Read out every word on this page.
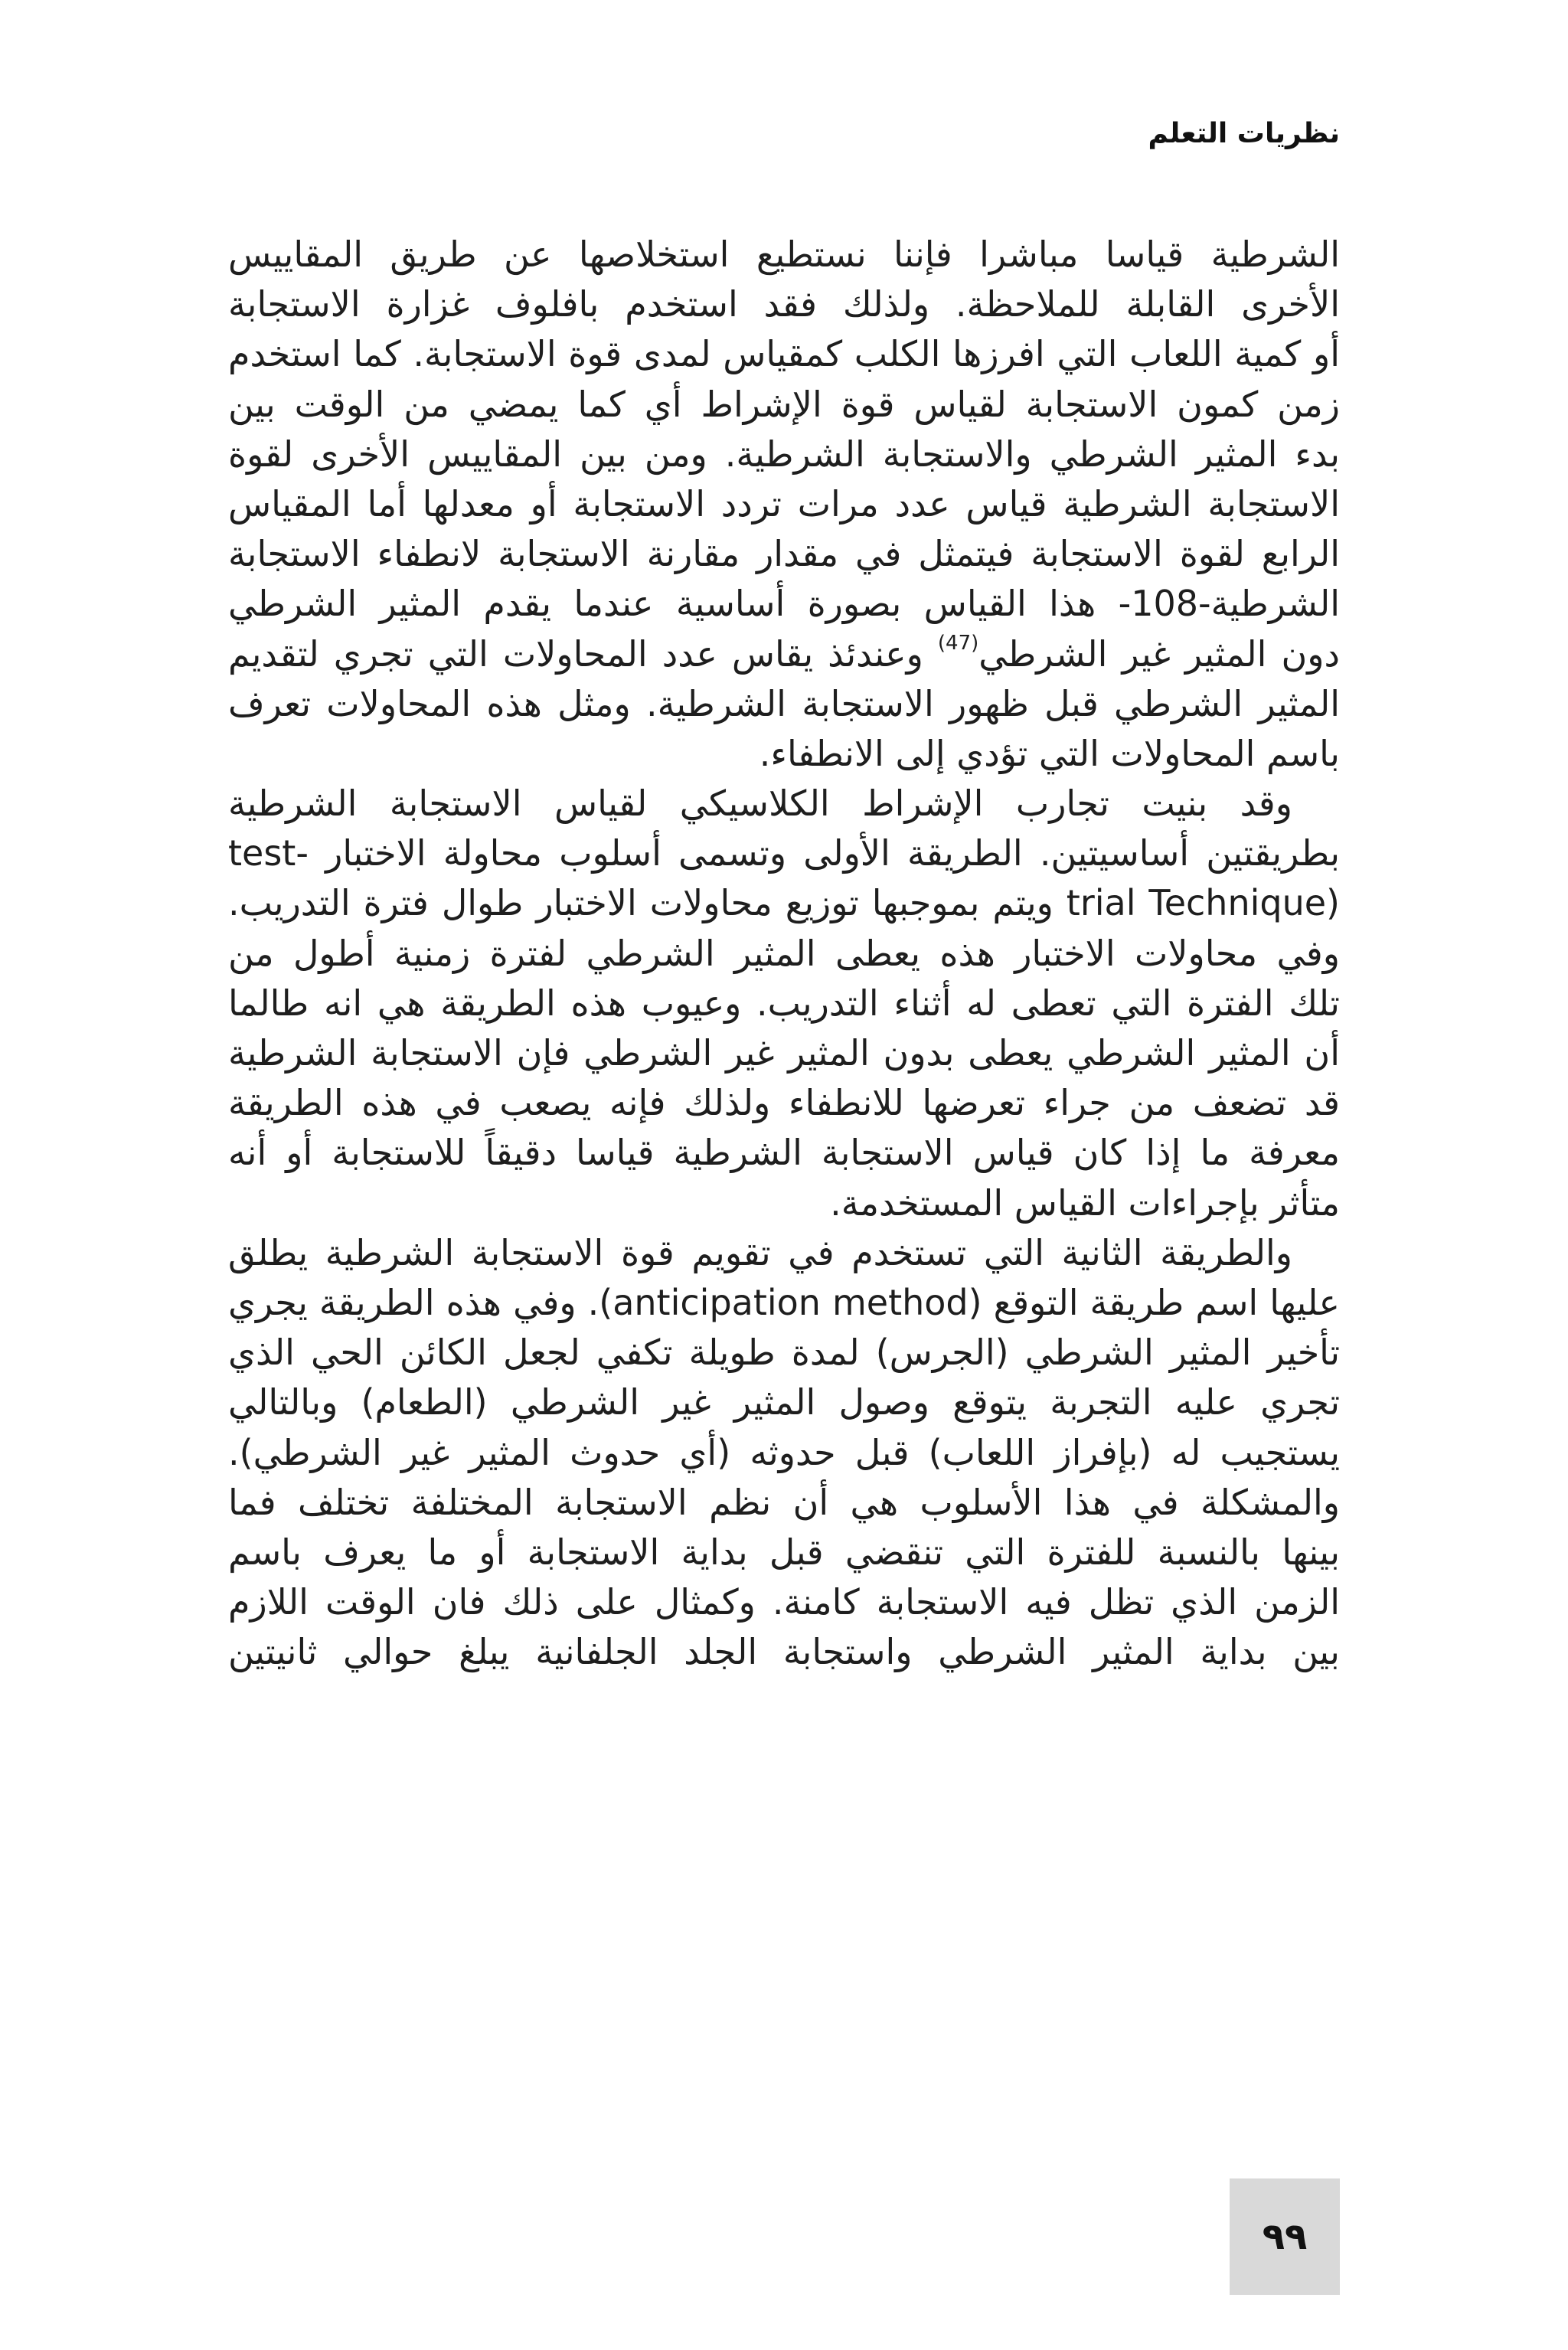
نظريات التعلم
الشرطية قياسا مباشرا فإننا نستطيع استخلاصها عن طريق المقاييس
الأخرى القابلة للملاحظة. ولذلك فقد استخدم بافلوف غزارة الاستجابة
أو كمية اللعاب التي افرزها الكلب كمقياس لمدى قوة الاستجابة. كما استخدم
زمن كمون الاستجابة لقياس قوة الإشراط أي كما يمضي من الوقت بين
بدء المثير الشرطي والاستجابة الشرطية. ومن بين المقاييس الأخرى لقوة
الاستجابة الشرطية قياس عدد مرات تردد الاستجابة أو معدلها أما المقياس
الرابع لقوة الاستجابة فيتمثل في مقدار مقارنة الاستجابة لانطفاء الاستجابة
الشرطية-108- هذا القياس بصورة أساسية عندما يقدم المثير الشرطي
دون المثير غير الشرطي$^{(47)}$ وعندئذ يقاس عدد المحاولات التي تجري لتقديم
المثير الشرطي قبل ظهور الاستجابة الشرطية. ومثل هذه المحاولات تعرف
باسم المحاولات التي تؤدي إلى الانطفاء.
وقد بنيت تجارب الإشراط الكلاسيكي لقياس الاستجابة الشرطية
بطريقتين أساسيتين. الطريقة الأولى وتسمى أسلوب محاولة الاختبار -test
(trial Technique ويتم بموجبها توزيع محاولات الاختبار طوال فترة التدريب.
وفي محاولات الاختبار هذه يعطى المثير الشرطي لفترة زمنية أطول من
تلك الفترة التي تعطى له أثناء التدريب. وعيوب هذه الطريقة هي انه طالما
أن المثير الشرطي يعطى بدون المثير غير الشرطي فإن الاستجابة الشرطية
قد تضعف من جراء تعرضها للانطفاء ولذلك فإنه يصعب في هذه الطريقة
معرفة ما إذا كان قياس الاستجابة الشرطية قياسا دقيقاً للاستجابة أو أنه
متأثر بإجراءات القياس المستخدمة.
والطريقة الثانية التي تستخدم في تقويم قوة الاستجابة الشرطية يطلق
عليها اسم طريقة التوقع (anticipation method). وفي هذه الطريقة يجري
تأخير المثير الشرطي (الجرس) لمدة طويلة تكفي لجعل الكائن الحي الذي
تجري عليه التجربة يتوقع وصول المثير غير الشرطي (الطعام) وبالتالي
يستجيب له (بإفراز اللعاب) قبل حدوثه (أي حدوث المثير غير الشرطي).
والمشكلة في هذا الأسلوب هي أن نظم الاستجابة المختلفة تختلف فما
بينها بالنسبة للفترة التي تنقضي قبل بداية الاستجابة أو ما يعرف باسم
الزمن الذي تظل فيه الاستجابة كامنة. وكمثال على ذلك فان الوقت اللازم
بين بداية المثير الشرطي واستجابة الجلد الجلفانية يبلغ حوالي ثانيتين
٩٩
